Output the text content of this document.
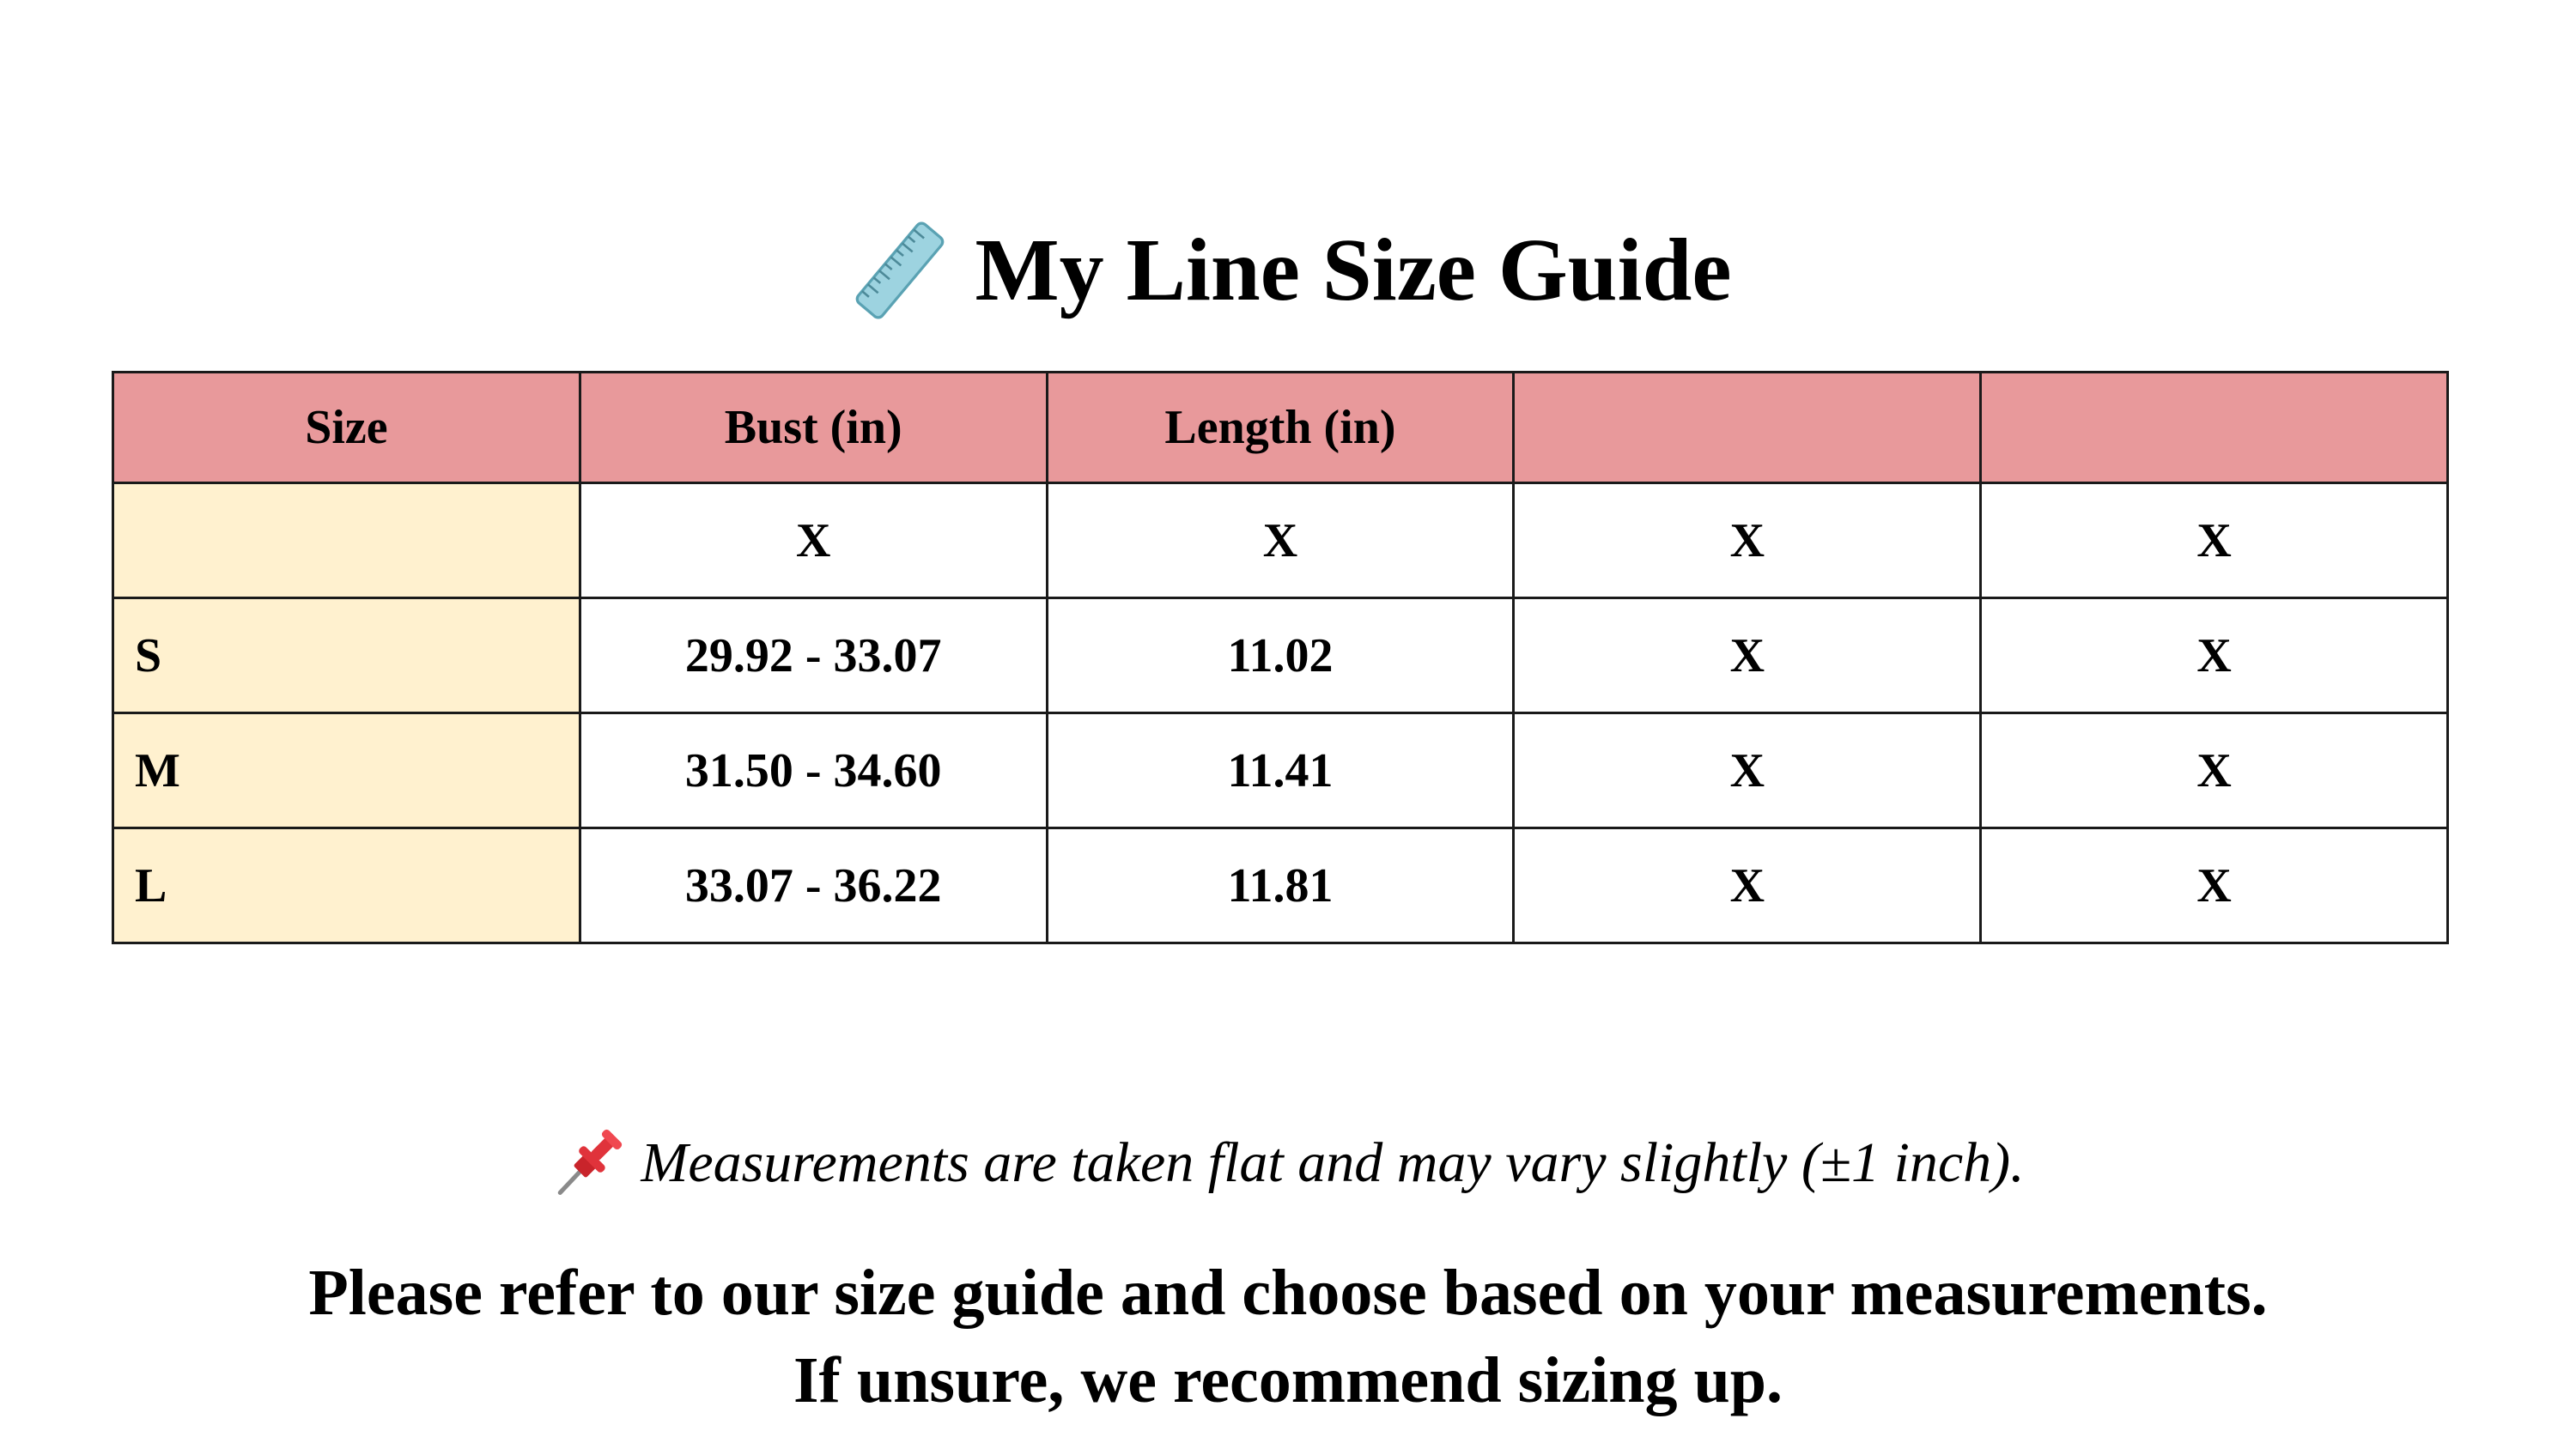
My Line Size Guide
Size	Bust (in)	Length (in)		
	X	X	X	X
S	29.92 - 33.07	11.02	X	X
M	31.50 - 34.60	11.41	X	X
L	33.07 - 36.22	11.81	X	X
Measurements are taken flat and may vary slightly (±1 inch).
Please refer to our size guide and choose based on your measurements.
If unsure, we recommend sizing up.
